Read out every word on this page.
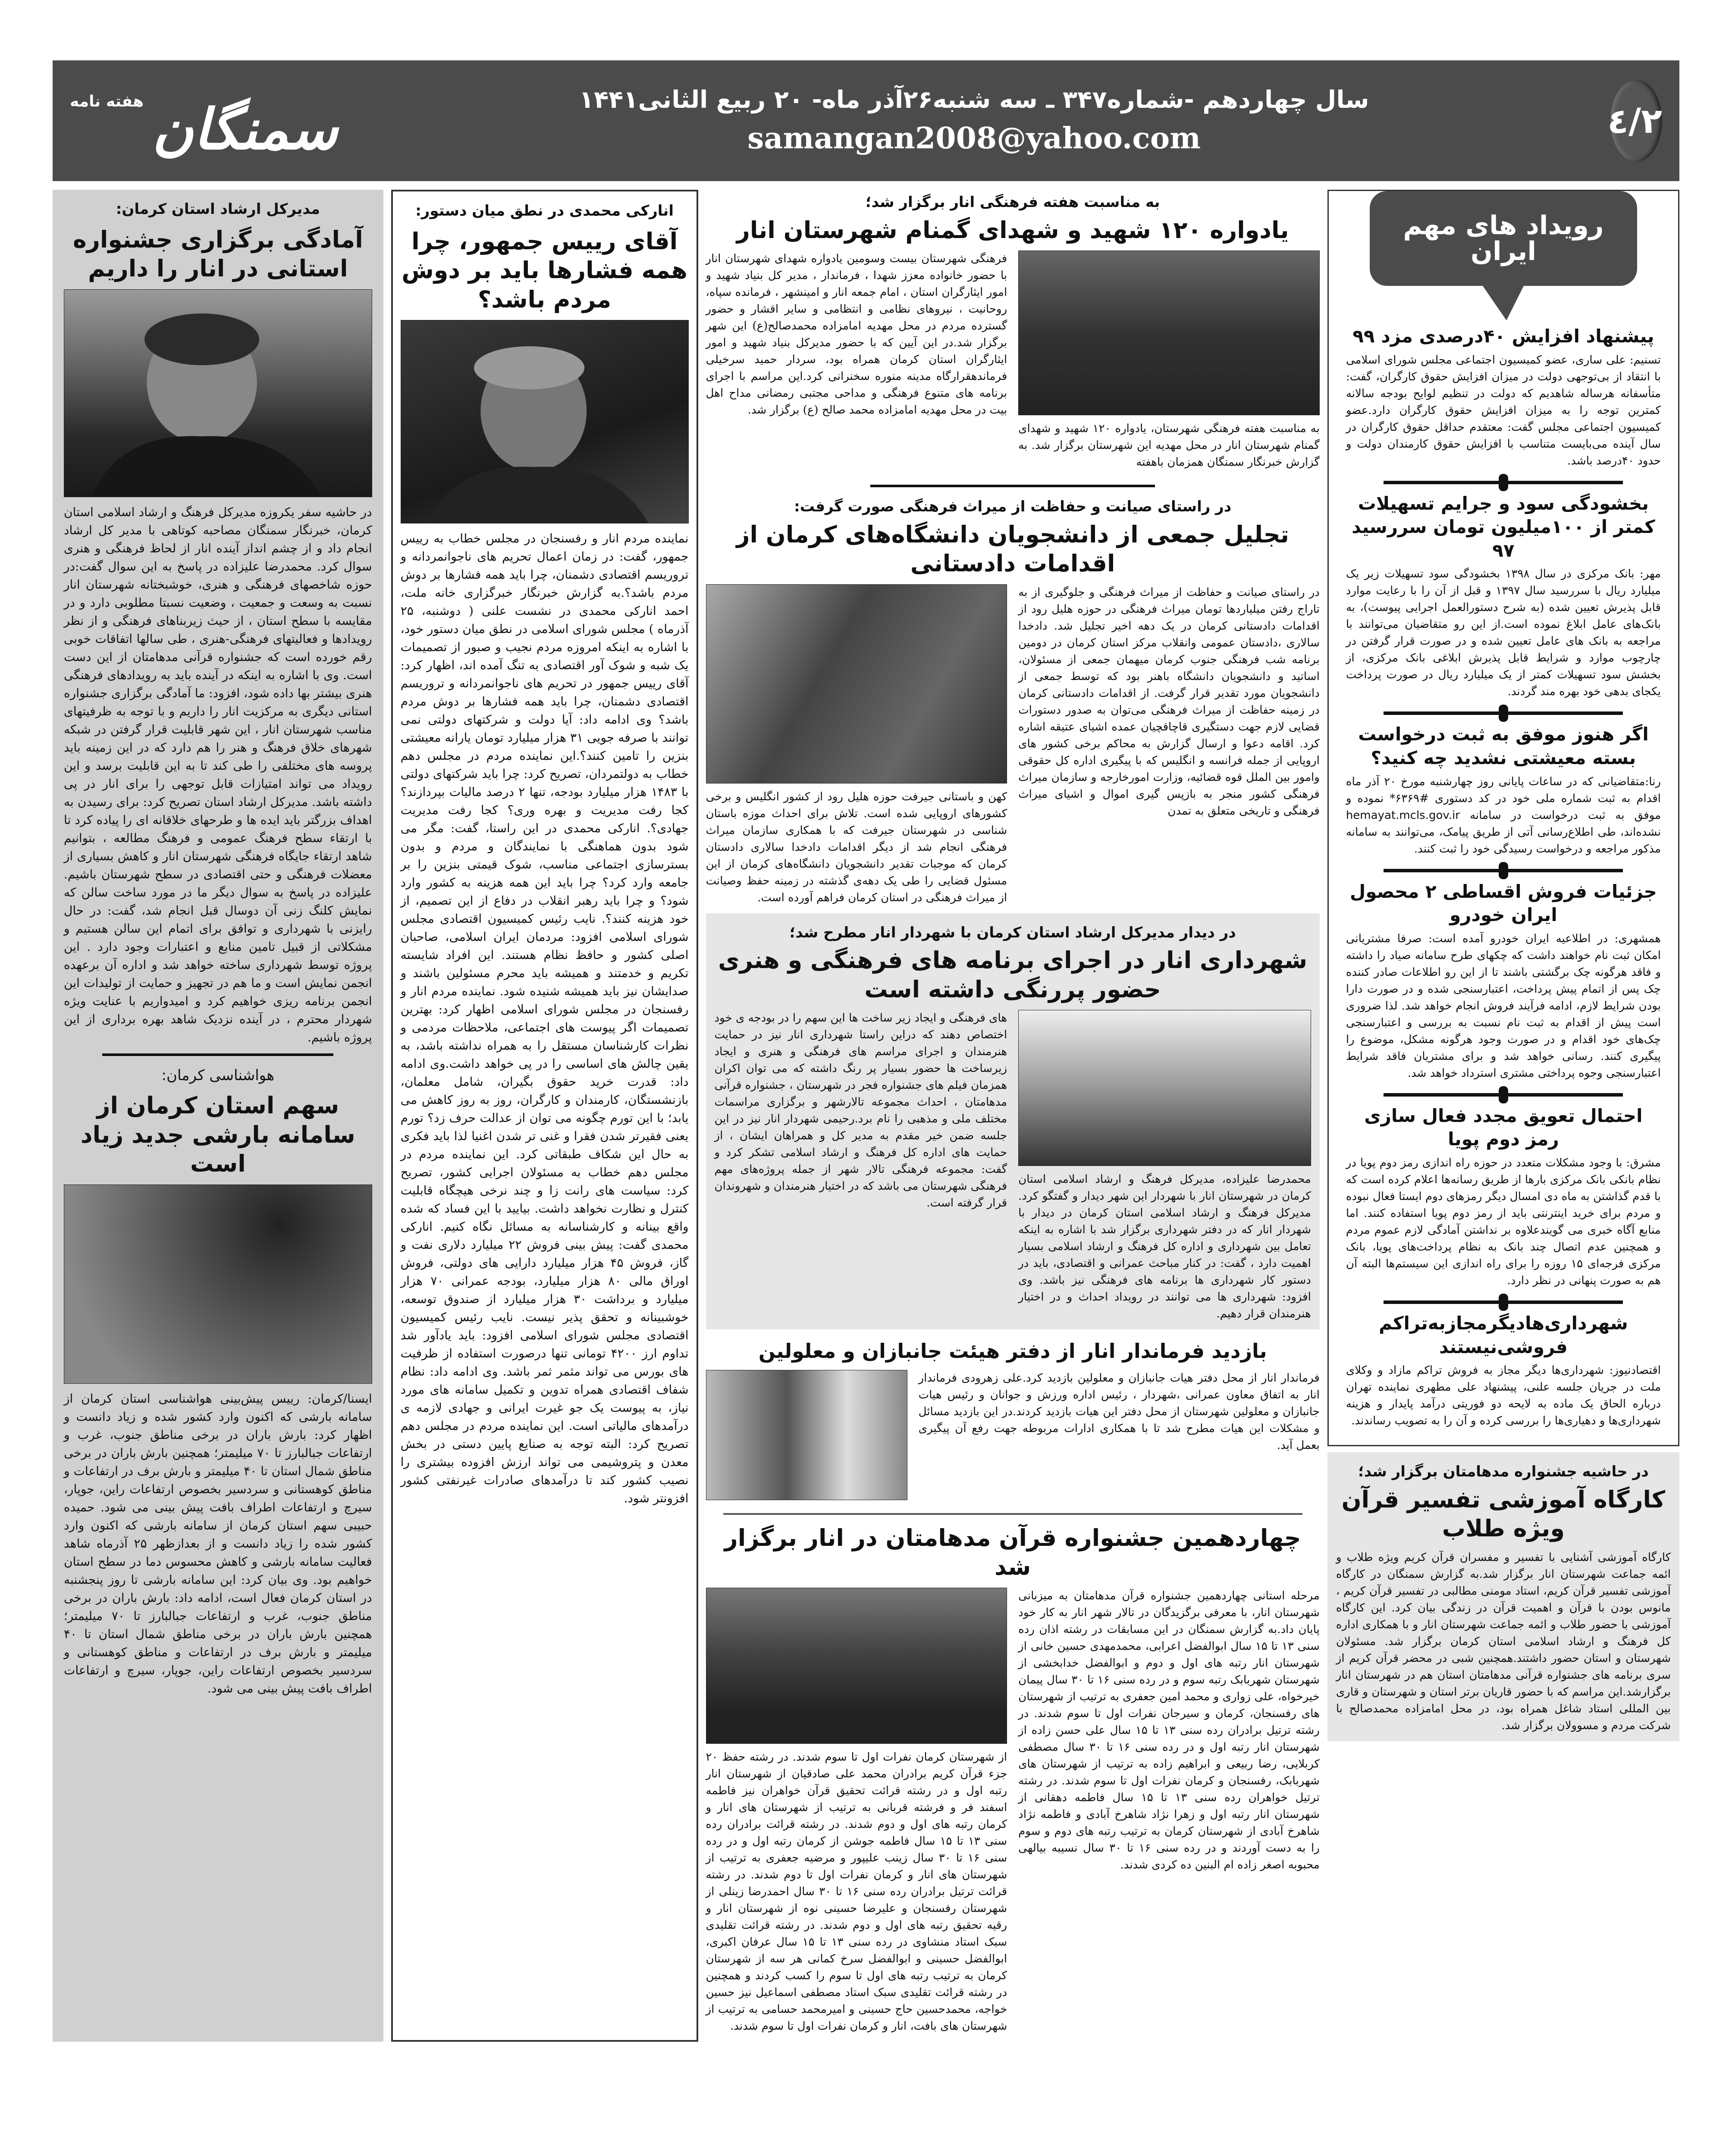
۲/٤
سال چهاردهم -شماره۳۴۷ ـ سه شنبه۲۶آذر ماه- ۲۰ ربیع الثانی۱۴۴۱
samangan2008@yahoo.com
سمنگان
هفته نامه
رویداد های مهم ایران
پیشنهاد افزایش ۴۰درصدی مزد ۹۹

تسنیم: علی ساری، عضو کمیسیون اجتماعی مجلس شورای اسلامی با انتقاد از بی‌توجهی دولت در میزان افزایش حقوق کارگران، گفت: متأسفانه هرساله شاهدیم که دولت در تنظیم لوایح بودجه سالانه کمترین توجه را به میزان افزایش حقوق کارگران دارد.عضو کمیسیون اجتماعی مجلس گفت: معتقدم حداقل حقوق کارگران در سال آینده می‌بایست متناسب با افزایش حقوق کارمندان دولت و حدود ۴۰درصد باشد.

بخشودگی سود و جرایم تسهیلات کمتر از ۱۰۰میلیون تومان سررسید ۹۷

مهر: بانک مرکزی در سال ۱۳۹۸ بخشودگی سود تسهیلات زیر یک میلیارد ریال با سررسید سال ۱۳۹۷ و قبل از آن را با رعایت موارد قابل پذیرش تعیین شده (به شرح دستورالعمل اجرایی پیوست)، به بانک‌های عامل ابلاغ نموده است.از این رو متقاضیان می‌توانند با مراجعه به بانک های عامل تعیین شده و در صورت قرار گرفتن در چارچوب موارد و شرایط قابل پذیرش ابلاغی بانک مرکزی، از بخشش سود تسهیلات کمتر از یک میلیارد ریال در صورت پرداخت یکجای بدهی خود بهره مند گردند.

اگر هنوز موفق به ثبت درخواست بسته معیشتی نشدید چه کنید؟

رنا:متقاضیانی که در ساعات پایانی روز چهارشنبه مورخ ۲۰ آذر ماه اقدام به ثبت شماره ملی خود در کد دستوری ‎*۶۳۶۹#‎ نموده و موفق به ثبت درخواست در سامانه hemayat.mcls.gov.ir نشده‌اند، طی اطلاع‌رسانی آتی از طریق پیامک، می‌توانند به سامانه مذکور مراجعه و درخواست رسیدگی خود را ثبت کنند.

جزئیات فروش اقساطی ۲ محصول ایران خودرو

همشهری: در اطلاعیه ایران خودرو آمده است: صرفا مشتریانی امکان ثبت نام خواهند داشت که چکهای طرح سامانه صیاد را داشته و فاقد هرگونه چک برگشتی باشند تا از این رو اطلاعات صادر کننده چک پس از اتمام پیش پرداخت، اعتبارسنجی شده و در صورت دارا بودن شرایط لازم، ادامه فرآیند فروش انجام خواهد شد. لذا ضروری است پیش از اقدام به ثبت نام نسبت به بررسی و اعتبارسنجی چک‌های خود اقدام و در صورت وجود هرگونه مشکل، موضوع را پیگیری کنند. رسانی خواهد شد و برای مشتریان فاقد شرایط اعتبارسنجی وجوه پرداختی مشتری استرداد خواهد شد.

احتمال تعویق مجدد فعال سازی رمز دوم پویا

مشرق: با وجود مشکلات متعدد در حوزه راه اندازی رمز دوم پویا در نظام بانکی بانک مرکزی بارها از طریق رسانه‌ها اعلام کرده است که با قدم گذاشتن به ماه دی امسال دیگر رمزهای دوم ایستا فعال نبوده و مردم برای خرید اینترنتی باید از رمز دوم پویا استفاده کنند. اما منابع آگاه خبری می گویندعلاوه بر نداشتن آمادگی لازم عموم مردم و همچنین عدم اتصال چند بانک به نظام پرداخت‌های پویا، بانک مرکزی فرجه‌ای ۱۵ روزه را برای راه اندازی این سیستم‌ها البته آن هم به صورت پنهانی در نظر دارد.

شهرداری‌هادیگرمجازبه‌تراکم فروشی‌نیستند

اقتصادنیوز: شهرداری‌ها دیگر مجاز به فروش تراکم مازاد و وکلای ملت در جریان جلسه علنی، پیشنهاد علی مطهری نماینده تهران درباره الحاق یک ماده به لایحه دو فوریتی درآمد پایدار و هزینه شهرداری‌ها و دهیاری‌ها را بررسی کرده و آن را به تصویب رساندند.

در حاشیه جشنواره مدهامتان برگزار شد؛
کارگاه آموزشی تفسیر قرآن ویژه طلاب

کارگاه آموزشی آشنایی با تفسیر و مفسران قرآن کریم ویژه طلاب و ائمه جماعت شهرستان انار برگزار شد.به گزارش سمنگان در کارگاه آموزشی تفسیر قرآن کریم، استاد مومنی مطالبی در تفسیر قرآن کریم ، مانوس بودن با قرآن و اهمیت قرآن در زندگی بیان کرد. این کارگاه آموزشی با حضور طلاب و ائمه جماعت شهرستان انار و با همکاری اداره کل فرهنگ و ارشاد اسلامی استان کرمان برگزار شد. مسئولان شهرستان و استان حضور داشتند.همچنین شبی در محضر قرآن کریم از سری برنامه های جشنواره قرآنی مدهامتان استان هم در شهرستان انار برگزارشد.این مراسم که با حضور قاریان برتر استان و شهرستان و قاری بین المللی استاد شاغل همراه بود، در محل امامزاده محمدصالح با شرکت مردم و مسوولان برگزار شد.

به مناسبت هفته فرهنگی انار برگزار شد؛
یادواره ۱۲۰ شهید و شهدای گمنام شهرستان انار

به مناسبت هفته فرهنگی شهرستان، یادواره ۱۲۰ شهید و شهدای گمنام شهرستان انار در محل مهدیه این شهرستان برگزار شد. به گزارش خبرنگار سمنگان همزمان باهفته

فرهنگی شهرستان بیست وسومین یادواره شهدای شهرستان انار با حضور خانواده معزز شهدا ، فرماندار ، مدیر کل بنیاد شهید و امور ایثارگران استان ، امام جمعه انار و امینشهر ، فرمانده سپاه، روحانیت ، نیروهای نظامی و انتظامی و سایر اقشار و حضور گسترده مردم در محل مهدیه امامزاده محمدصالح(ع) این شهر برگزار شد.در این آیین که با حضور مدیرکل بنیاد شهید و امور ایثارگران استان کرمان همراه بود، سردار حمید سرخیلی فرماندهقرارگاه مدینه منوره سخنرانی کرد.این مراسم با اجرای برنامه های متنوع فرهنگی و مداحی مجتبی رمضانی مداح اهل بیت در محل مهدیه امامزاده محمد صالح (ع) برگزار شد.

در راستای صیانت و حفاظت از میراث فرهنگی صورت گرفت:
تجلیل جمعی از دانشجویان دانشگاه‌های کرمان از اقدامات دادستانی

در راستای صیانت و حفاظت از میراث فرهنگی و جلوگیری از به تاراج رفتن میلیاردها تومان میراث فرهنگی در حوزه هلیل رود از اقدامات دادستانی کرمان در یک دهه اخیر تجلیل شد. دادخدا سالاری ،دادستان عمومی وانقلاب مرکز استان کرمان در دومین برنامه شب فرهنگی جنوب کرمان میهمان جمعی از مسئولان، اساتید و دانشجویان دانشگاه باهنر بود که توسط جمعی از دانشجویان مورد تقدیر قرار گرفت. از اقدامات دادستانی کرمان در زمینه حفاظت از میراث فرهنگی می‌توان به صدور دستورات قضایی لازم جهت دستگیری قاچاقچیان عمده اشیای عتیقه اشاره کرد. اقامه دعوا و ارسال گزارش به محاکم برخی کشور های اروپایی از جمله فرانسه و انگلیس که با پیگیری اداره کل حقوقی وامور بین الملل قوه قضائیه، وزارت امورخارجه و سازمان میراث فرهنگی کشور منجر به بازپس گیری اموال و اشیای میراث فرهنگی و تاریخی متعلق به تمدن

کهن و باستانی جیرفت حوزه هلیل رود از کشور انگلیس و برخی کشورهای اروپایی شده است. تلاش برای احداث موزه باستان شناسی در شهرستان جیرفت که با همکاری سازمان میراث فرهنگی انجام شد از دیگر اقدامات دادخدا سالاری دادستان کرمان که موجبات تقدیر دانشجویان دانشگاه‌های کرمان از این مسئول قضایی را طی یک دهه‌ی گذشته در زمینه حفظ وصیانت از میراث فرهنگی در استان کرمان فراهم آورده است.

در دیدار مدیرکل ارشاد استان کرمان با شهردار انار مطرح شد؛
شهرداری انار در اجرای برنامه های فرهنگی و هنری حضور پررنگی داشته است

محمدرضا علیزاده، مدیرکل فرهنگ و ارشاد اسلامی استان کرمان در شهرستان انار با شهردار این شهر دیدار و گفتگو کرد. مدیرکل فرهنگ و ارشاد اسلامی استان کرمان در دیدار با شهردار انار که در دفتر شهرداری برگزار شد با اشاره به اینکه تعامل بین شهرداری و اداره کل فرهنگ و ارشاد اسلامی بسیار اهمیت دارد ، گفت: در کنار مباحث عمرانی و اقتصادی، باید در دستور کار شهرداری ها برنامه های فرهنگی نیز باشد. وی افزود: شهرداری ها می توانند در رویداد احداث و در اختیار هنرمندان قرار دهیم.

های فرهنگی و ایجاد زیر ساخت ها این سهم را در بودجه ی خود اختصاص دهند که دراین راستا شهرداری انار نیز در حمایت هنرمندان و اجرای مراسم های فرهنگی و هنری و ایجاد زیرساخت ها حضور بسیار پر رنگ داشته که می توان اکران همزمان فیلم های جشنواره فجر در شهرستان ، جشنواره قرآنی مدهامتان ، احداث مجموعه تالارشهر و برگزاری مراسمات مختلف ملی و مذهبی را نام برد.رحیمی شهردار انار نیز در این جلسه ضمن خیر مقدم به مدیر کل و همراهان ایشان ، از حمایت های اداره کل فرهنگ و ارشاد اسلامی تشکر کرد و گفت: مجموعه فرهنگی تالار شهر از جمله پروژه‌های مهم فرهنگی شهرستان می باشد که در اختیار هنرمندان و شهروندان قرار گرفته است.

بازدید فرماندار انار از دفتر هیئت جانبازان و معلولین

فرماندار انار از محل دفتر هیات جانبازان و معلولین بازدید کرد.علی زهرودی فرماندار انار به اتفاق معاون عمرانی ،شهردار ، رئیس اداره ورزش و جوانان و رئیس هیات جانبازان و معلولین شهرستان از محل دفتر این هیات بازدید کردند.در این بازدید مسائل و مشکلات این هیات مطرح شد تا با همکاری ادارات مربوطه جهت رفع آن پیگیری بعمل آید.

چهاردهمین جشنواره قرآن مدهامتان در انار برگزار شد

مرحله استانی چهاردهمین جشنواره قرآن مدهامتان به میزبانی شهرستان انار، با معرفی برگزیدگان در تالار شهر انار به کار خود پایان داد.به گزارش سمنگان در این مسابقات در رشته اذان رده سنی ۱۳ تا ۱۵ سال ابوالفضل اعرابی، محمدمهدی حسین خانی از شهرستان انار رتبه های اول و دوم و ابوالفضل خدابخشی از شهرستان شهربابک رتبه سوم و در رده سنی ۱۶ تا ۳۰ سال پیمان خیرخواه، علی زواری و محمد امین جعفری به ترتیب از شهرستان های رفسنجان، کرمان و سیرجان نفرات اول تا سوم شدند. در رشته ترتیل برادران رده سنی ۱۳ تا ۱۵ سال علی حسن زاده از شهرستان انار رتبه اول و در رده سنی ۱۶ تا ۳۰ سال مصطفی کربلایی، رضا ربیعی و ابراهیم زاده به ترتیب از شهرستان های شهربابک، رفسنجان و کرمان نفرات اول تا سوم شدند. در رشته ترتیل خواهران رده سنی ۱۳ تا ۱۵ سال فاطمه دهقانی از شهرستان انار رتبه اول و زهرا نژاد شاهرخ آبادی و فاطمه نژاد شاهرخ آبادی از شهرستان کرمان به ترتیب رتبه های دوم و سوم را به دست آوردند و در رده سنی ۱۶ تا ۳۰ سال نسیبه بیالهی محبوبه اصغر زاده ام البنین ده کردی شدند.

از شهرستان کرمان نفرات اول تا سوم شدند. در رشته حفظ ۲۰ جزء قرآن کریم برادران محمد علی صادقیان از شهرستان انار رتبه اول و در رشته قرائت تحقیق قرآن خواهران نیز فاطمه اسفند فر و فرشته قربانی به ترتیب از شهرستان های انار و کرمان رتبه های اول و دوم شدند. در رشته قرائت برادران رده سنی ۱۳ تا ۱۵ سال فاطمه جوشن از کرمان رتبه اول و در رده سنی ۱۶ تا ۳۰ سال زینب علیپور و مرضیه جعفری به ترتیب از شهرستان های انار و کرمان نفرات اول تا دوم شدند. در رشته قرائت ترتیل برادران رده سنی ۱۶ تا ۳۰ سال احمدرضا زینلی از شهرستان رفسنجان و علیرضا حسینی نوه از شهرستان انار و رقیه تحقیق رتبه های اول و دوم شدند. در رشته قرائت تقلیدی سبک استاد منشاوی در رده سنی ۱۳ تا ۱۵ سال عرفان اکبری، ابوالفضل حسینی و ابوالفضل سرخ کمانی هر سه از شهرستان کرمان به ترتیب رتبه های اول تا سوم را کسب کردند و همچنین در رشته قرائت تقلیدی سبک استاد مصطفی اسماعیل نیز حسین خواجه، محمدحسین حاج حسینی و امیرمحمد حسامی به ترتیب از شهرستان های بافت، انار و کرمان نفرات اول تا سوم شدند.

انارکی محمدی در نطق میان دستور:
آقای رییس جمهور، چرا همه فشارها باید بر دوش مردم باشد؟

نماینده مردم انار و رفسنجان در مجلس خطاب به رییس جمهور، گفت: در زمان اعمال تحریم های ناجوانمردانه و تروریسم اقتصادی دشمنان، چرا باید همه فشارها بر دوش مردم باشد؟.به گزارش خبرنگار خبرگزاری خانه ملت، احمد انارکی محمدی در نشست علنی ( دوشنبه، ۲۵ آذرماه ) مجلس شورای اسلامی در نطق میان دستور خود، با اشاره به اینکه امروزه مردم نجیب و صبور از تصمیمات یک شبه و شوک آور اقتصادی به تنگ آمده اند، اظهار کرد: آقای رییس جمهور در تحریم های ناجوانمردانه و تروریسم اقتصادی دشمنان، چرا باید همه فشارها بر دوش مردم باشد؟ وی ادامه داد: آیا دولت و شرکتهای دولتی نمی توانند با صرفه جویی ۳۱ هزار میلیارد تومان یارانه معیشتی بنزین را تامین کنند؟.این نماینده مردم در مجلس دهم خطاب به دولتمردان، تصریح کرد: چرا باید شرکتهای دولتی با ۱۴۸۳ هزار میلیارد بودجه، تنها ۲ درصد مالیات بپردازند؟ کجا رفت مدیریت و بهره وری؟ کجا رفت مدیریت جهادی؟. انارکی محمدی در این راستا، گفت: مگر می شود بدون هماهنگی با نمایندگان و مردم و بدون بسترسازی اجتماعی مناسب، شوک قیمتی بنزین را بر جامعه وارد کرد؟ چرا باید این همه هزینه به کشور وارد شود؟ و چرا باید رهبر انقلاب در دفاع از این تصمیم، از خود هزینه کنند؟. نایب رئیس کمیسیون اقتصادی مجلس شورای اسلامی افزود: مردمان ایران اسلامی، صاحبان اصلی کشور و حافظ نظام هستند. این افراد شایسته تکریم و خدمتند و همیشه باید محرم مسئولین باشند و صدایشان نیز باید همیشه شنیده شود. نماینده مردم انار و رفسنجان در مجلس شورای اسلامی اظهار کرد: بهترین تصمیمات اگر پیوست های اجتماعی، ملاحظات مردمی و نظرات کارشناسان مستقل را به همراه نداشته باشد، به یقین چالش های اساسی را در پی خواهد داشت.وی ادامه داد: قدرت خرید حقوق بگیران، شامل معلمان، بازنشستگان، کارمندان و کارگران، روز به روز کاهش می یابد؛ با این تورم چگونه می توان از عدالت حرف زد؟ تورم یعنی فقیرتر شدن فقرا و غنی تر شدن اغنیا لذا باید فکری به حال این شکاف طبقاتی کرد. این نماینده مردم در مجلس دهم خطاب به مسئولان اجرایی کشور، تصریح کرد: سیاست های رانت زا و چند نرخی هیچگاه قابلیت کنترل و نظارت نخواهد داشت. بیایید با این فساد که شده واقع بینانه و کارشناسانه به مسائل نگاه کنیم. انارکی محمدی گفت: پیش بینی فروش ۲۲ میلیارد دلاری نفت و گاز، فروش ۴۵ هزار میلیارد دارایی های دولتی، فروش اوراق مالی ۸۰ هزار میلیارد، بودجه عمرانی ۷۰ هزار میلیارد و برداشت ۳۰ هزار میلیارد از صندوق توسعه، خوشبینانه و تحقق پذیر نیست. نایب رئیس کمیسیون اقتصادی مجلس شورای اسلامی افزود: باید یادآور شد تداوم ارز ۴۲۰۰ تومانی تنها درصورت استفاده از ظرفیت های بورس می تواند مثمر ثمر باشد. وی ادامه داد: نظام شفاف اقتصادی همراه تدوین و تکمیل سامانه های مورد نیاز، به پیوست یک جو غیرت ایرانی و جهادی لازمه ی درآمدهای مالیاتی است. این نماینده مردم در مجلس دهم تصریح کرد: البته توجه به صنایع پایین دستی در بخش معدن و پتروشیمی می تواند ارزش افزوده بیشتری را نصیب کشور کند تا درآمدهای صادرات غیرنفتی کشور افزونتر شود.

مدیرکل ارشاد استان کرمان:
آمادگی برگزاری جشنواره استانی در انار را داریم

در حاشیه سفر یکروزه مدیرکل فرهنگ و ارشاد اسلامی استان کرمان، خبرنگار سمنگان مصاحبه کوتاهی با مدیر کل ارشاد انجام داد و از چشم انداز آینده انار از لحاظ فرهنگی و هنری سوال کرد. محمدرضا علیزاده در پاسخ به این سوال گفت:در حوزه شاخصهای فرهنگی و هنری، خوشبختانه شهرستان انار نسبت به وسعت و جمعیت ، وضعیت نسبتا مطلوبی دارد و در مقایسه با سطح استان ، از حیث زیربناهای فرهنگی و از نظر رویدادها و فعالیتهای فرهنگی-هنری ، طی سالها اتفاقات خوبی رقم خورده است که جشنواره قرآنی مدهامتان از این دست است. وی با اشاره به اینکه در آینده باید به رویدادهای فرهنگی هنری بیشتر بها داده شود، افزود: ما آمادگی برگزاری جشنواره استانی دیگری به مرکزیت انار را داریم و با توجه به ظرفیتهای مناسب شهرستان انار ، این شهر قابلیت قرار گرفتن در شبکه شهرهای خلاق فرهنگ و هنر را هم دارد که در این زمینه باید پروسه های مختلفی را طی کند تا به این قابلیت برسد و این رویداد می تواند امتیازات قابل توجهی را برای انار در پی داشته باشد. مدیرکل ارشاد استان تصریح کرد: برای رسیدن به اهداف بزرگتر باید ایده ها و طرحهای خلاقانه ای را پیاده کرد تا با ارتقاء سطح فرهنگ عمومی و فرهنگ مطالعه ، بتوانیم شاهد ارتقاء جایگاه فرهنگی شهرستان انار و کاهش بسیاری از معضلات فرهنگی و حتی اقتصادی در سطح شهرستان باشیم. علیزاده در پاسخ به سوال دیگر ما در مورد ساخت سالن که نمایش کلنگ زنی آن دوسال قبل انجام شد، گفت: در حال رایزنی با شهرداری و توافق برای اتمام این سالن هستیم و مشکلاتی از قبیل تامین منابع و اعتبارات وجود دارد . این پروژه توسط شهرداری ساخته خواهد شد و اداره آن برعهده انجمن نمایش است و ما هم در تجهیز و حمایت از تولیدات این انجمن برنامه ریزی خواهیم کرد و امیدواریم با عنایت ویژه شهردار محترم ، در آینده نزدیک شاهد بهره برداری از این پروژه باشیم.

هواشناسی کرمان:
سهم استان کرمان از سامانه بارشی جدید زیاد است

ایسنا/کرمان: رییس پیش‌بینی هواشناسی استان کرمان از سامانه بارشی که اکنون وارد کشور شده و زیاد دانست و اظهار کرد: بارش باران در برخی مناطق جنوب، غرب و ارتفاعات جبالبارز تا ۷۰ میلیمتر؛ همچنین بارش باران در برخی مناطق شمال استان تا ۴۰ میلیمتر و بارش برف در ارتفاعات و مناطق کوهستانی و سردسیر بخصوص ارتفاعات راین، جوپار، سیرچ و ارتفاعات اطراف بافت پیش بینی می شود. حمیده حبیبی سهم استان کرمان از سامانه بارشی که اکنون وارد کشور شده را زیاد دانست و از بعدازظهر ۲۵ آذرماه شاهد فعالیت سامانه بارشی و کاهش محسوس دما در سطح استان خواهیم بود. وی بیان کرد: این سامانه بارشی تا روز پنجشنبه در استان کرمان فعال است، ادامه داد: بارش باران در برخی مناطق جنوب، غرب و ارتفاعات جبالبارز تا ۷۰ میلیمتر؛ همچنین بارش باران در برخی مناطق شمال استان تا ۴۰ میلیمتر و بارش برف در ارتفاعات و مناطق کوهستانی و سردسیر بخصوص ارتفاعات راین، جوپار، سیرچ و ارتفاعات اطراف بافت پیش بینی می شود.
